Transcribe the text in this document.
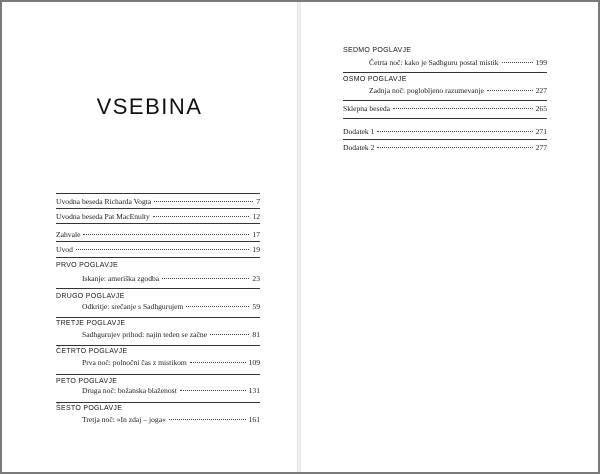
VSEBINA
Uvodna beseda Richarda Vogta	7
Uvodna beseda Pat MacEnulty	12
Zahvale	17
Uvod	19
PRVO POGLAVJE
Iskanje: ameriška zgodba	23
DRUGO POGLAVJE
Odkritje: srečanje s Sadhgurujem	59
TRETJE POGLAVJE
Sadhgurujev prihod: najin teden se začne	81
ČETRTO POGLAVJE
Prva noč: polnočni čas z mistikom	109
PETO POGLAVJE
Druga noč: božanska blaženost	131
ŠESTO POGLAVJE
Tretja noč: »In zdaj – joga«	161
SEDMO POGLAVJE
Četrta noč: kako je Sadhguru postal mistik	199
OSMO POGLAVJE
Zadnja noč: poglobljeno razumevanje	227
Sklepna beseda	265
Dodatek 1	271
Dodatek 2	277
